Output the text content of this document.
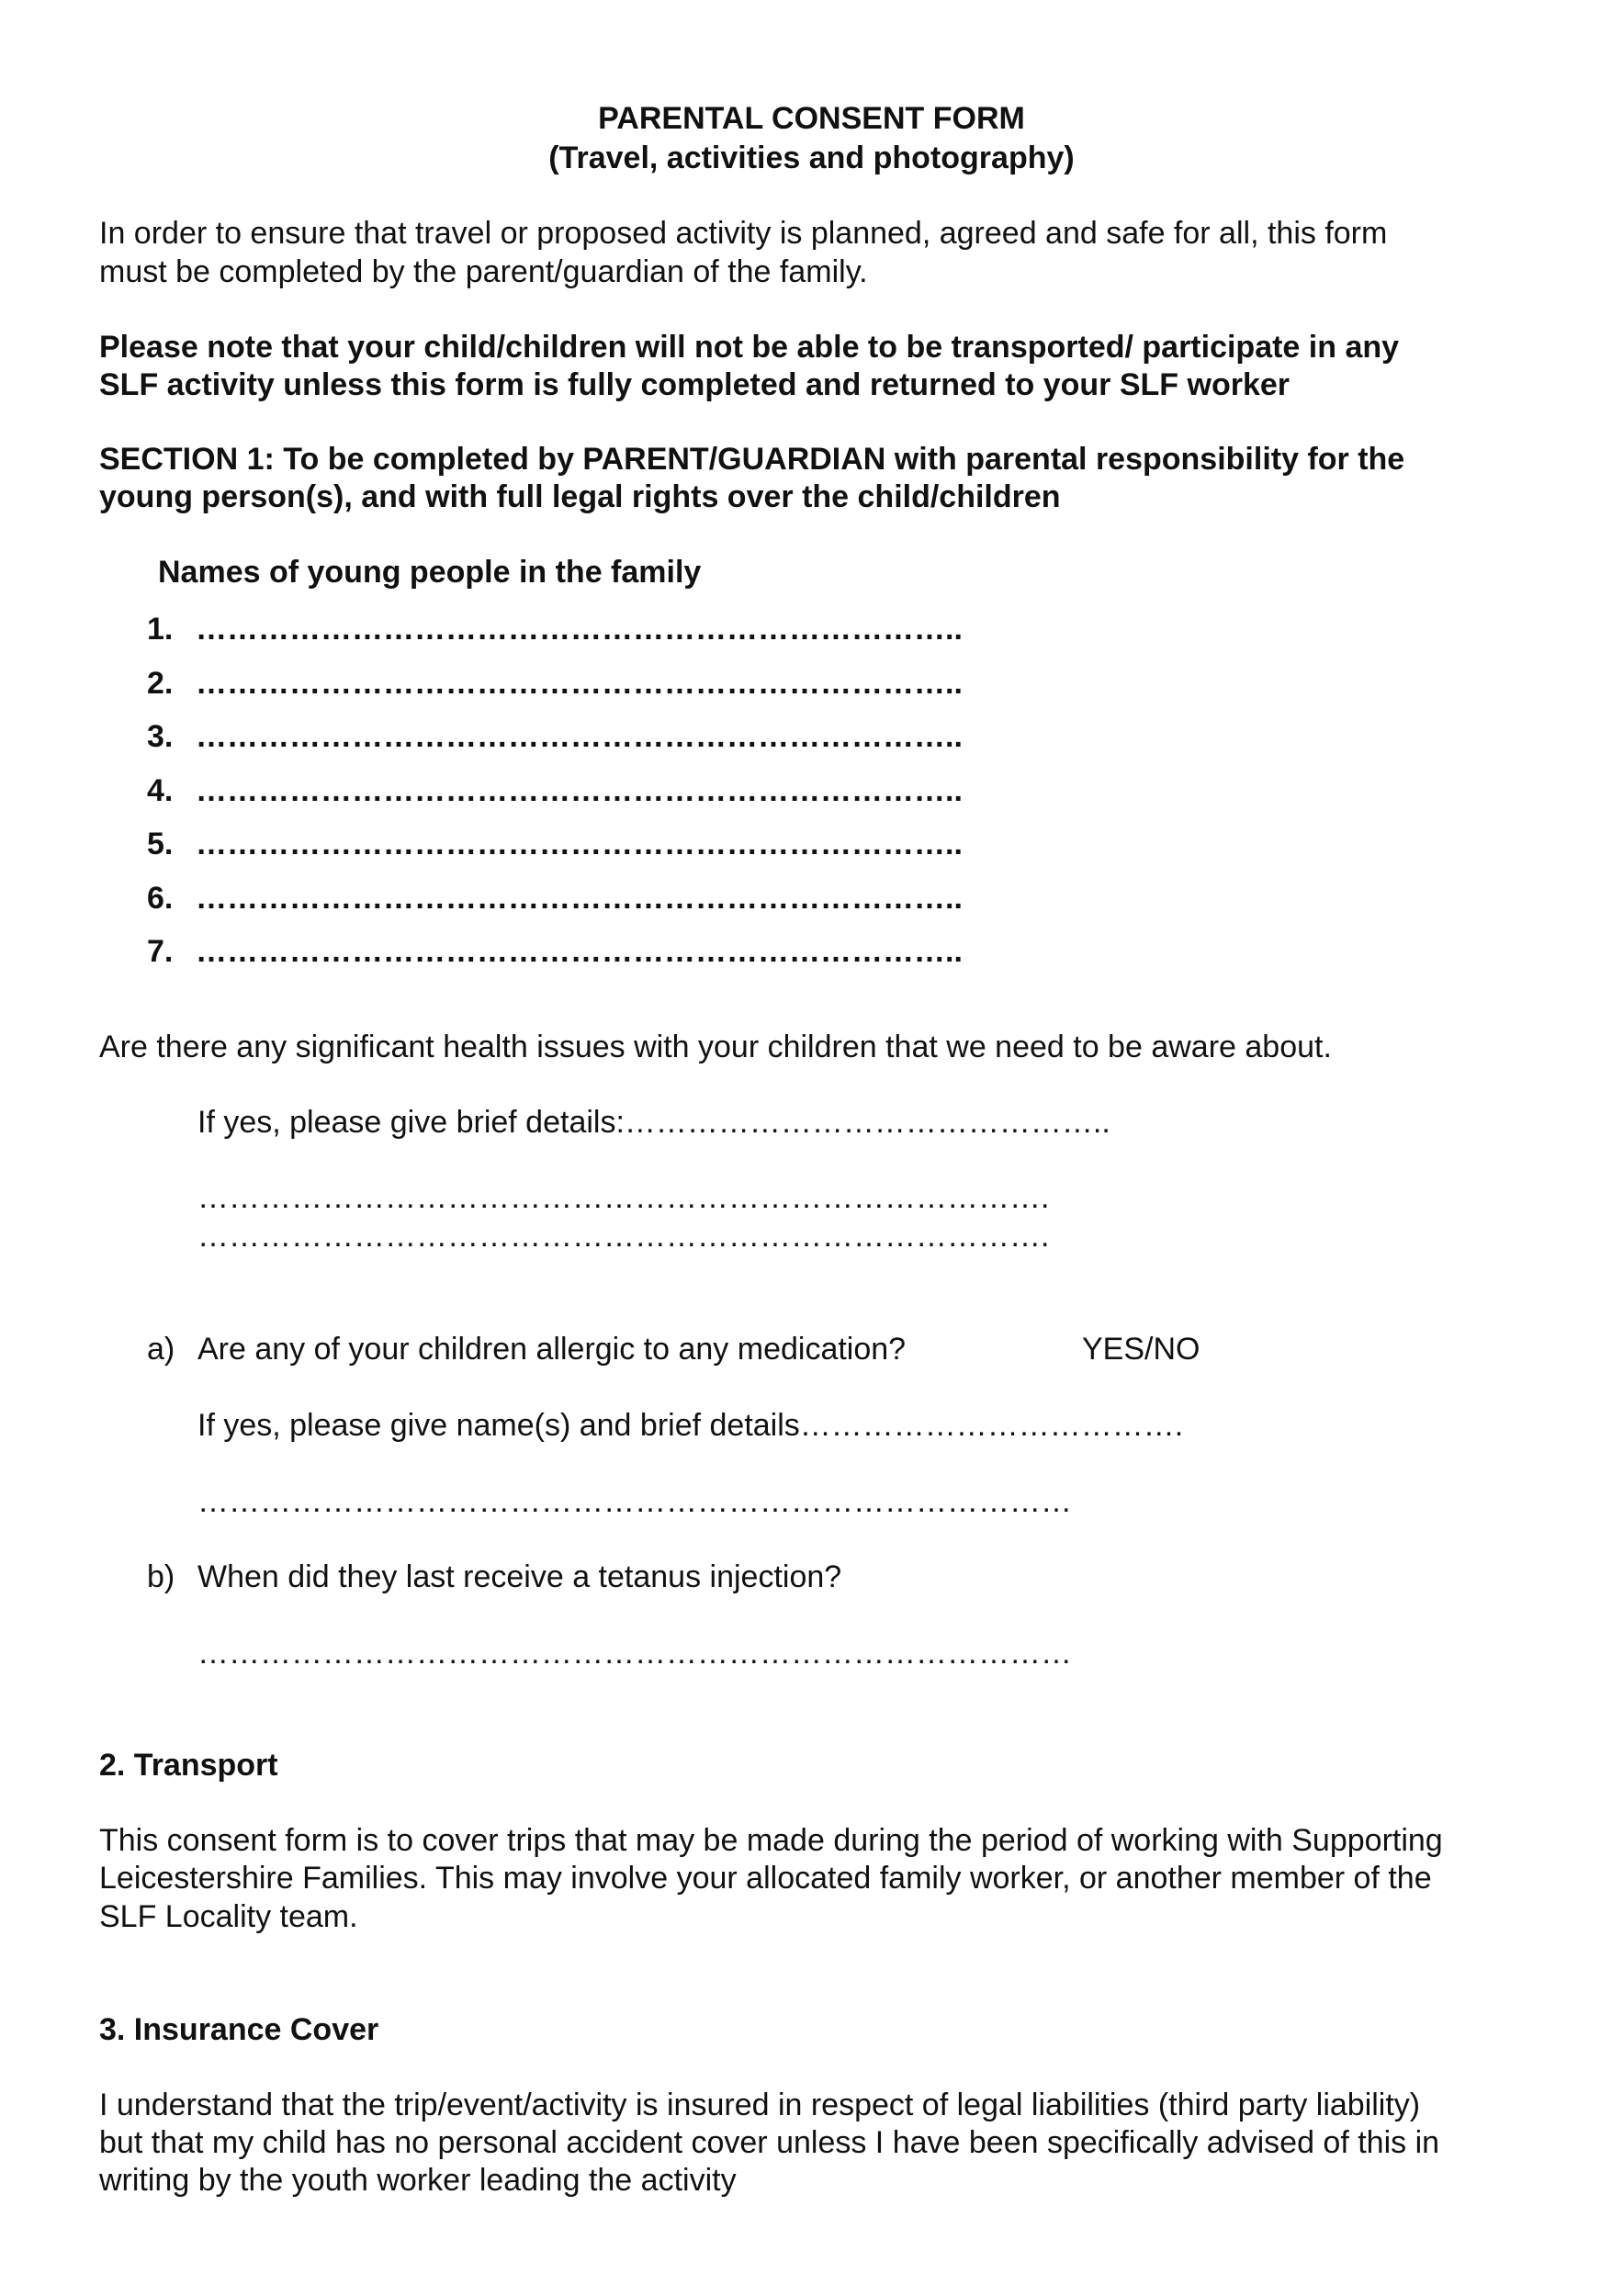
PARENTAL CONSENT FORM
(Travel, activities and photography)
In order to ensure that travel or proposed activity is planned, agreed and safe for all, this form
must be completed by the parent/guardian of the family.
Please note that your child/children will not be able to be transported/ participate in any
SLF activity unless this form is fully completed and returned to your SLF worker
SECTION 1: To be completed by PARENT/GUARDIAN with parental responsibility for the
young person(s), and with full legal rights over the child/children
Names of young people in the family
1. ………………………………………………………………..
2. ………………………………………………………………..
3. ………………………………………………………………..
4. ………………………………………………………………..
5. ………………………………………………………………..
6. ………………………………………………………………..
7. ………………………………………………………………..
Are there any significant health issues with your children that we need to be aware about.
If yes, please give brief details:………………………………………..
……………………………………………………………………….
……………………………………………………………………….
a) Are any of your children allergic to any medication?	YES/NO
If yes, please give name(s) and brief details……………………………….
…………………………………………………………………………
b) When did they last receive a tetanus injection?
…………………………………………………………………………
2. Transport
This consent form is to cover trips that may be made during the period of working with Supporting
Leicestershire Families. This may involve your allocated family worker, or another member of the
SLF Locality team.
3. Insurance Cover
I understand that the trip/event/activity is insured in respect of legal liabilities (third party liability)
but that my child has no personal accident cover unless I have been specifically advised of this in
writing by the youth worker leading the activity
